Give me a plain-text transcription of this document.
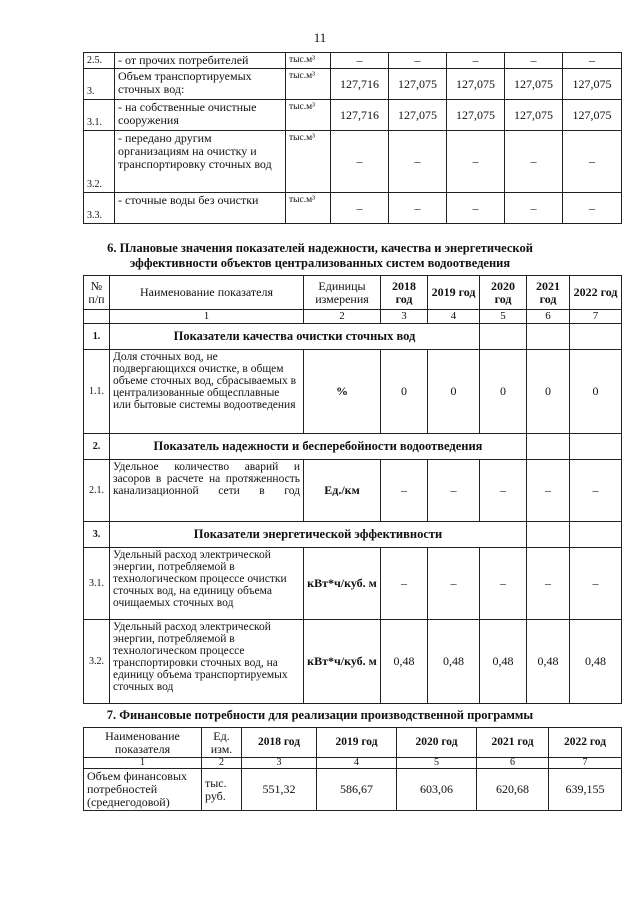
11
2.5.	- от прочих потребителей	тыс.м³	–	–	–	–	–
3.	Объем транспортируемых сточных вод:	тыс.м³	127,716	127,075	127,075	127,075	127,075
3.1.	- на собственные очистные сооружения	тыс.м³	127,716	127,075	127,075	127,075	127,075
3.2.	- передано другим организациям на очистку и транспортировку сточных вод	тыс.м³	–	–	–	–	–
3.3.	- сточные воды без очистки	тыс.м³	–	–	–	–	–
6. Плановые значения показателей надежности, качества и энергетической
эффективности объектов централизованных систем водоотведения
№ п/п	Наименование показателя	Единицы измерения	2018 год	2019 год	2020 год	2021 год	2022 год
	1	2	3	4	5	6	7
1.	Показатели качества очистки сточных вод						
1.1.	Доля сточных вод, не подвергающихся очистке, в общем объеме сточных вод, сбрасываемых в централизованные общесплавные или бытовые системы водоотведения	%	0	0	0	0	0
2.	Показатель надежности и бесперебойности водоотведения						
2.1.	Удельное количество аварий и засоров в расчете на протяженность канализационной сети в год	Ед./км	–	–	–	–	–
3.	Показатели энергетической эффективности						
3.1.	Удельный расход электрической энергии, потребляемой в технологическом процессе очистки сточных вод, на единицу объема очищаемых сточных вод	кВт*ч/куб. м	–	–	–	–	–
3.2.	Удельный расход электрической энергии, потребляемой в технологическом процессе транспортировки сточных вод, на единицу объема транспортируемых сточных вод	кВт*ч/куб. м	0,48	0,48	0,48	0,48	0,48
7. Финансовые потребности для реализации производственной программы
Наименование показателя	Ед. изм.	2018 год	2019 год	2020 год	2021 год	2022 год
1	2	3	4	5	6	7
Объем финансовых потребностей (среднегодовой)	тыс. руб.	551,32	586,67	603,06	620,68	639,155
